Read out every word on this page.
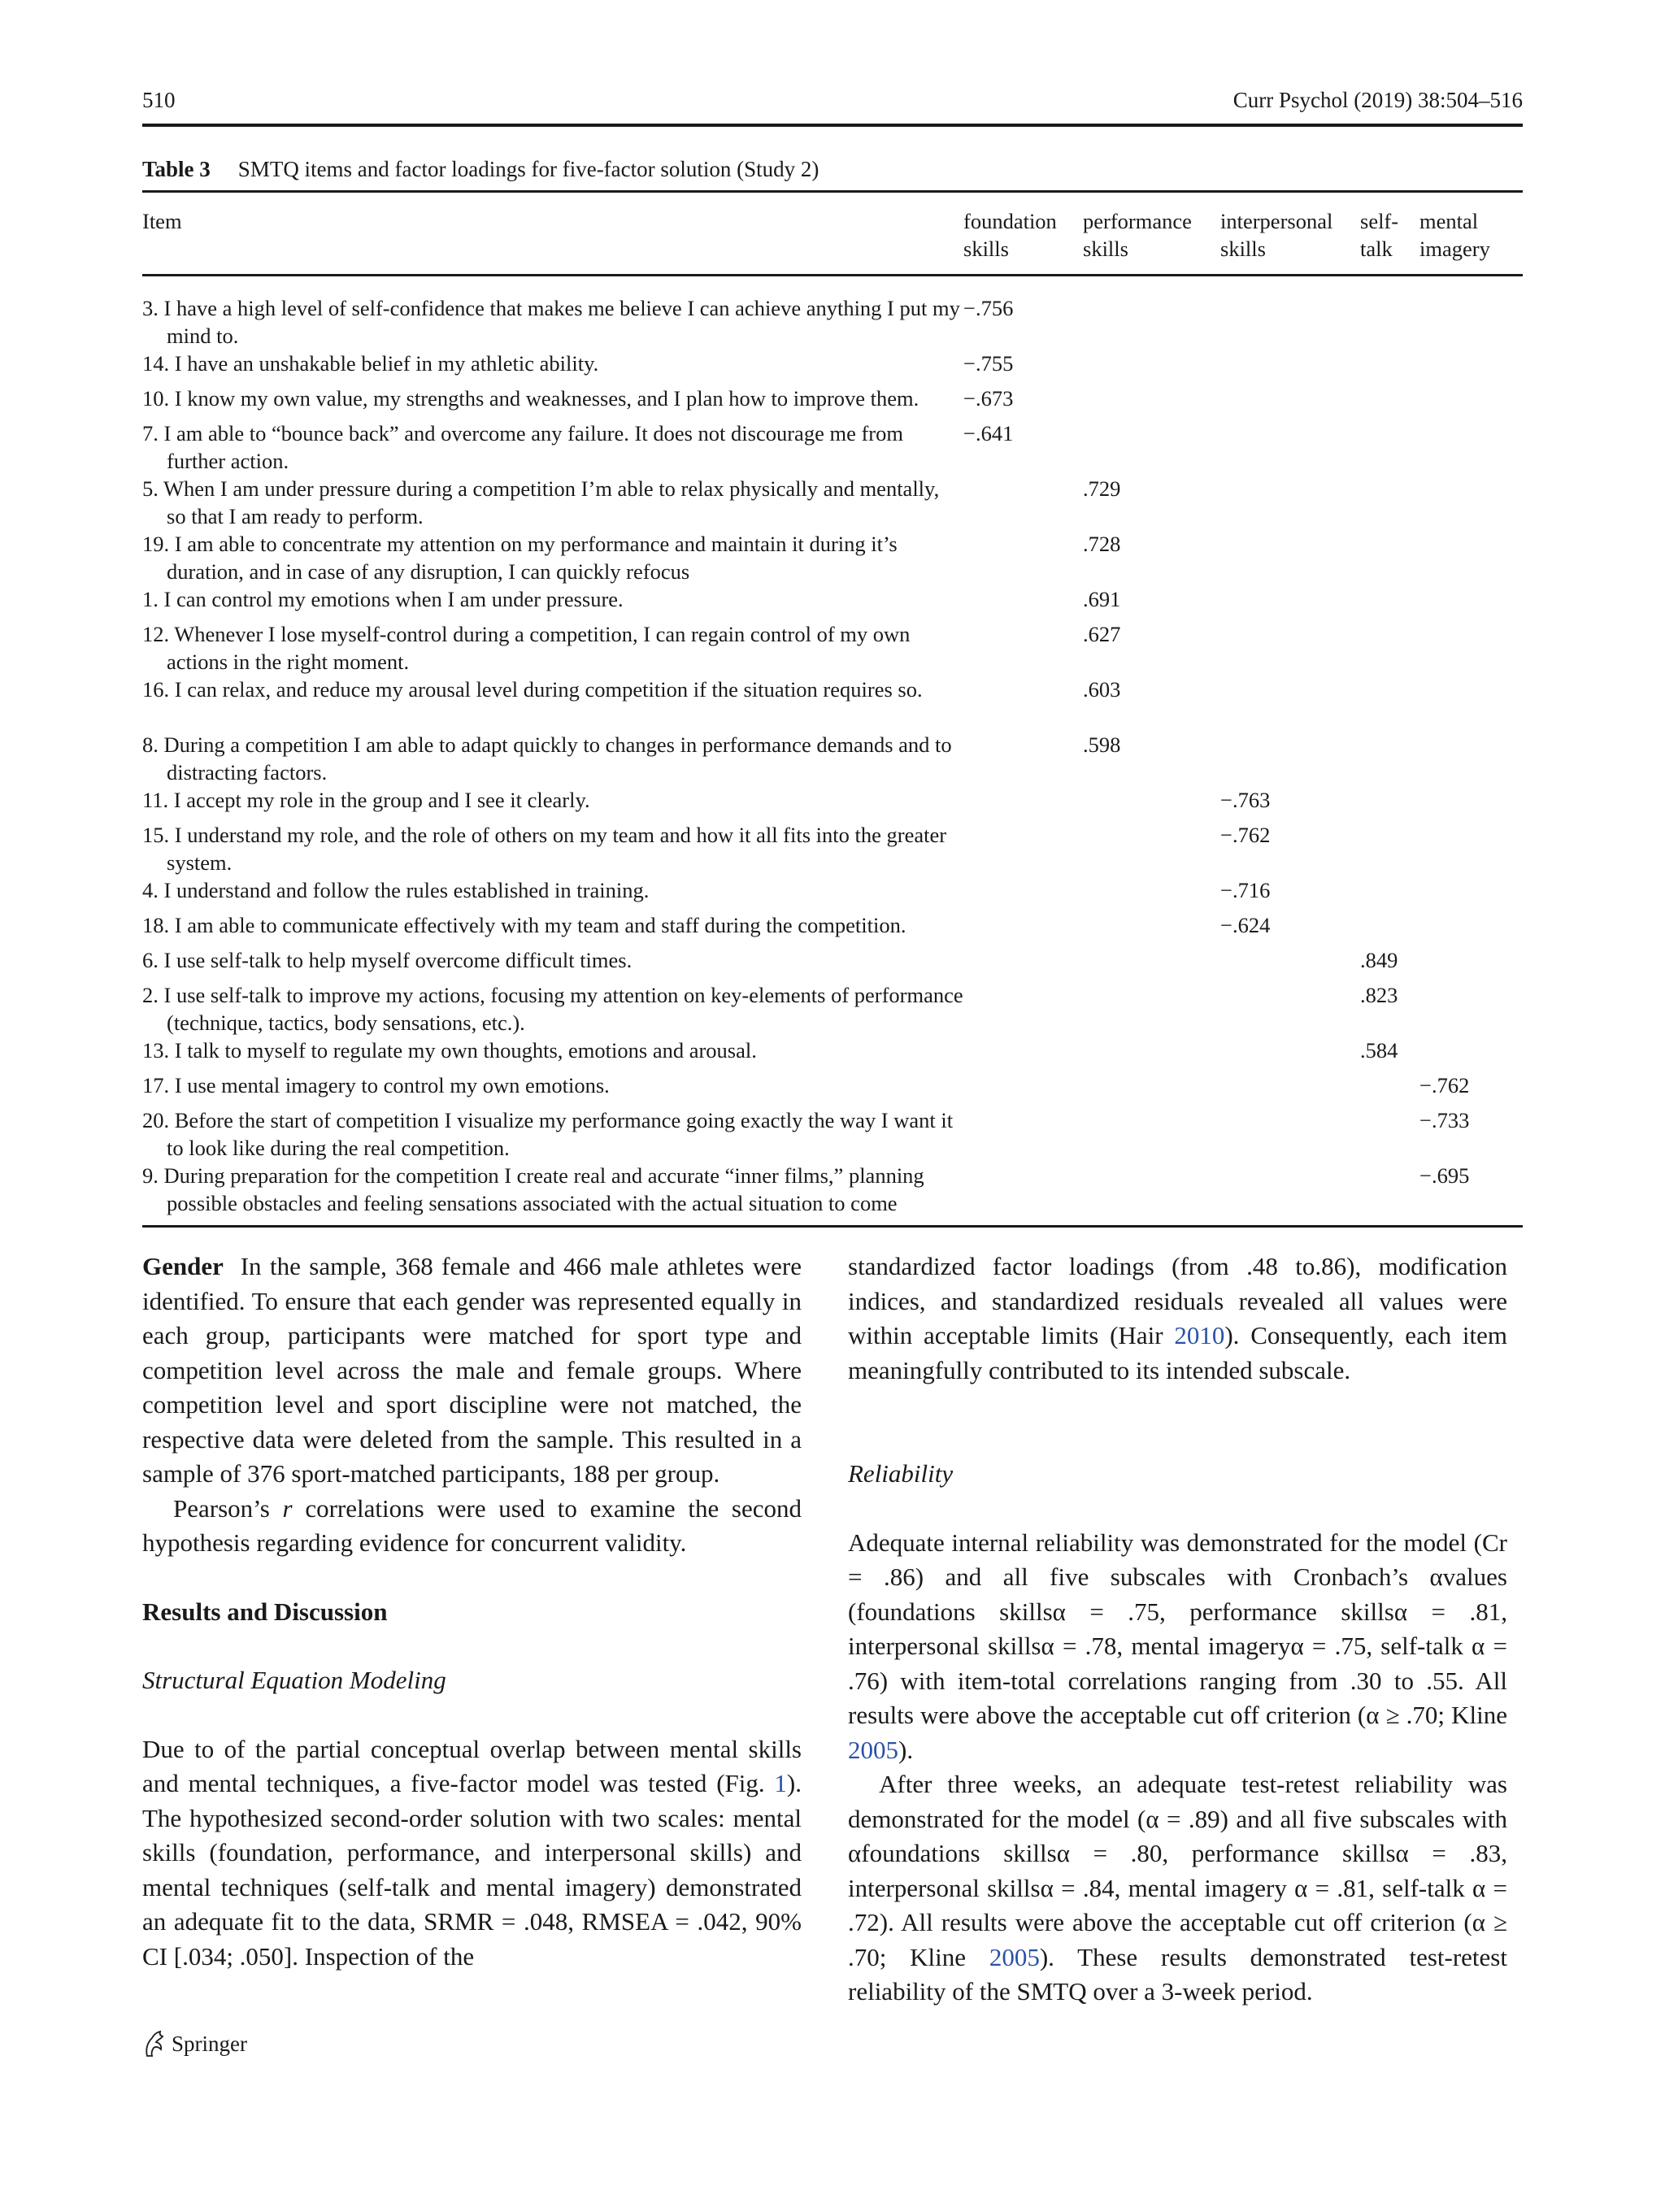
510	Curr Psychol (2019) 38:504–516
Table 3 SMTQ items and factor loadings for five-factor solution (Study 2)
Item	foundation skills	performance skills	interpersonal skills	self-talk	mental imagery
3. I have a high level of self-confidence that makes me believe I can achieve anything I put my mind to.	−.756				
14. I have an unshakable belief in my athletic ability.	−.755				
10. I know my own value, my strengths and weaknesses, and I plan how to improve them.	−.673				
7. I am able to “bounce back” and overcome any failure. It does not discourage me from further action.	−.641				
5. When I am under pressure during a competition I’m able to relax physically and mentally, so that I am ready to perform.		.729			
19. I am able to concentrate my attention on my performance and maintain it during it’s duration, and in case of any disruption, I can quickly refocus		.728			
1. I can control my emotions when I am under pressure.		.691			
12. Whenever I lose myself-control during a competition, I can regain control of my own actions in the right moment.		.627			
16. I can relax, and reduce my arousal level during competition if the situation requires so.		.603			
8. During a competition I am able to adapt quickly to changes in performance demands and to distracting factors.		.598			
11. I accept my role in the group and I see it clearly.			−.763		
15. I understand my role, and the role of others on my team and how it all fits into the greater system.			−.762		
4. I understand and follow the rules established in training.			−.716		
18. I am able to communicate effectively with my team and staff during the competition.			−.624		
6. I use self-talk to help myself overcome difficult times.				.849	
2. I use self-talk to improve my actions, focusing my attention on key-elements of performance (technique, tactics, body sensations, etc.).				.823	
13. I talk to myself to regulate my own thoughts, emotions and arousal.				.584	
17. I use mental imagery to control my own emotions.					−.762
20. Before the start of competition I visualize my performance going exactly the way I want it to look like during the real competition.					−.733
9. During preparation for the competition I create real and accurate “inner films,” planning possible obstacles and feeling sensations associated with the actual situation to come					−.695

Gender In the sample, 368 female and 466 male athletes were identified. To ensure that each gender was represented equally in each group, participants were matched for sport type and competition level across the male and female groups. Where competition level and sport discipline were not matched, the respective data were deleted from the sample. This resulted in a sample of 376 sport-matched participants, 188 per group.

Pearson’s r correlations were used to examine the second hypothesis regarding evidence for concurrent validity.

Results and Discussion

Structural Equation Modeling

Due to of the partial conceptual overlap between mental skills and mental techniques, a five-factor model was tested (Fig. 1). The hypothesized second-order solution with two scales: mental skills (foundation, performance, and interpersonal skills) and mental techniques (self-talk and mental imagery) demonstrated an adequate fit to the data, SRMR = .048, RMSEA = .042, 90% CI [.034; .050]. Inspection of the

standardized factor loadings (from .48 to.86), modification indices, and standardized residuals revealed all values were within acceptable limits (Hair 2010). Consequently, each item meaningfully contributed to its intended subscale.

Reliability

Adequate internal reliability was demonstrated for the model (Cr = .86) and all five subscales with Cronbach’s αvalues (foundations skillsα = .75, performance skillsα = .81, interpersonal skillsα = .78, mental imageryα = .75, self-talk α = .76) with item-total correlations ranging from .30 to .55. All results were above the acceptable cut off criterion (α ≥ .70; Kline 2005).

After three weeks, an adequate test-retest reliability was demonstrated for the model (α = .89) and all five subscales with αfoundations skillsα = .80, performance skillsα = .83, interpersonal skillsα = .84, mental imagery α = .81, self-talk α = .72). All results were above the acceptable cut off criterion (α ≥ .70; Kline 2005). These results demonstrated test-retest reliability of the SMTQ over a 3-week period.

Springer
